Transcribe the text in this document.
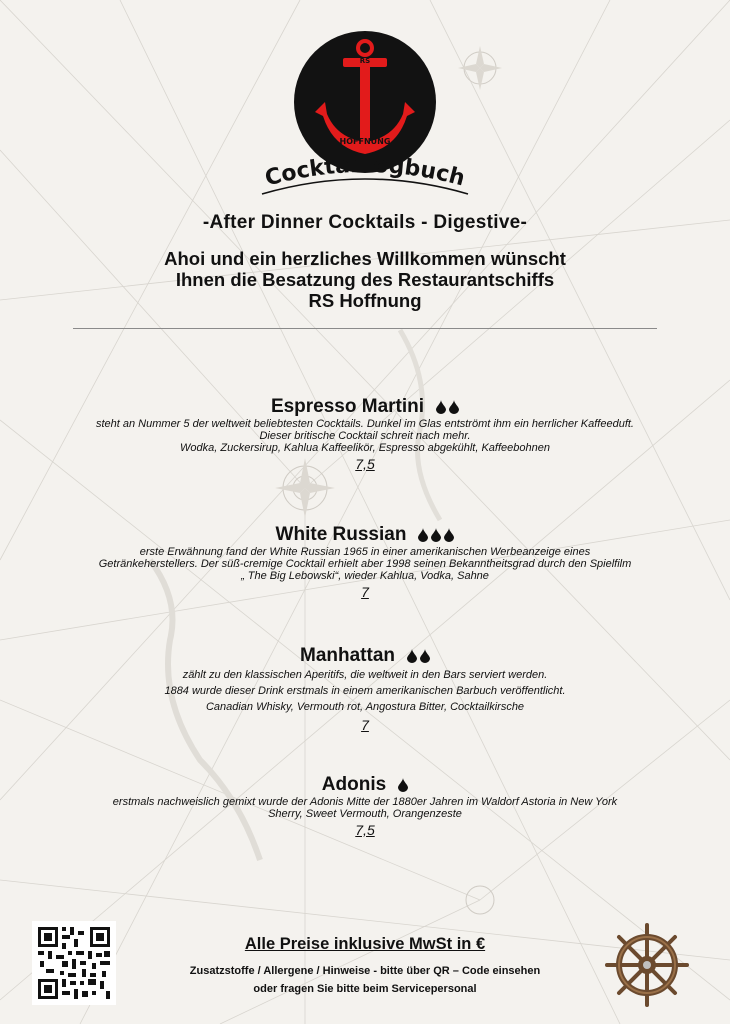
RS
HOFFNUNG
Cocktaillogbuch
-After Dinner Cocktails - Digestive-
Ahoi und ein herzliches Willkommen wünscht
Ihnen die Besatzung des Restaurantschiffs
RS Hoffnung
Espresso Martini
steht an Nummer 5 der weltweit beliebtesten Cocktails. Dunkel im Glas entströmt ihm ein herrlicher Kaffeeduft.
Dieser britische Cocktail schreit nach mehr.
Wodka, Zuckersirup, Kahlua Kaffeelikör, Espresso abgekühlt, Kaffeebohnen
7,5
White Russian
erste Erwähnung fand der White Russian 1965 in einer amerikanischen Werbeanzeige eines
Getränkeherstellers. Der süß-cremige Cocktail erhielt aber 1998 seinen Bekanntheitsgrad durch den Spielfilm
„ The Big Lebowski“, wieder Kahlua, Vodka, Sahne
7
Manhattan
zählt zu den klassischen Aperitifs, die weltweit in den Bars serviert werden.
1884 wurde dieser Drink erstmals in einem amerikanischen Barbuch veröffentlicht.
Canadian Whisky, Vermouth rot, Angostura Bitter, Cocktailkirsche
7
Adonis
erstmals nachweislich gemixt wurde der Adonis Mitte der 1880er Jahren im Waldorf Astoria in New York
Sherry, Sweet Vermouth, Orangenzeste
7,5
Alle Preise inklusive MwSt in €
Zusatzstoffe / Allergene / Hinweise - bitte über QR – Code einsehen
oder fragen Sie bitte beim Servicepersonal
